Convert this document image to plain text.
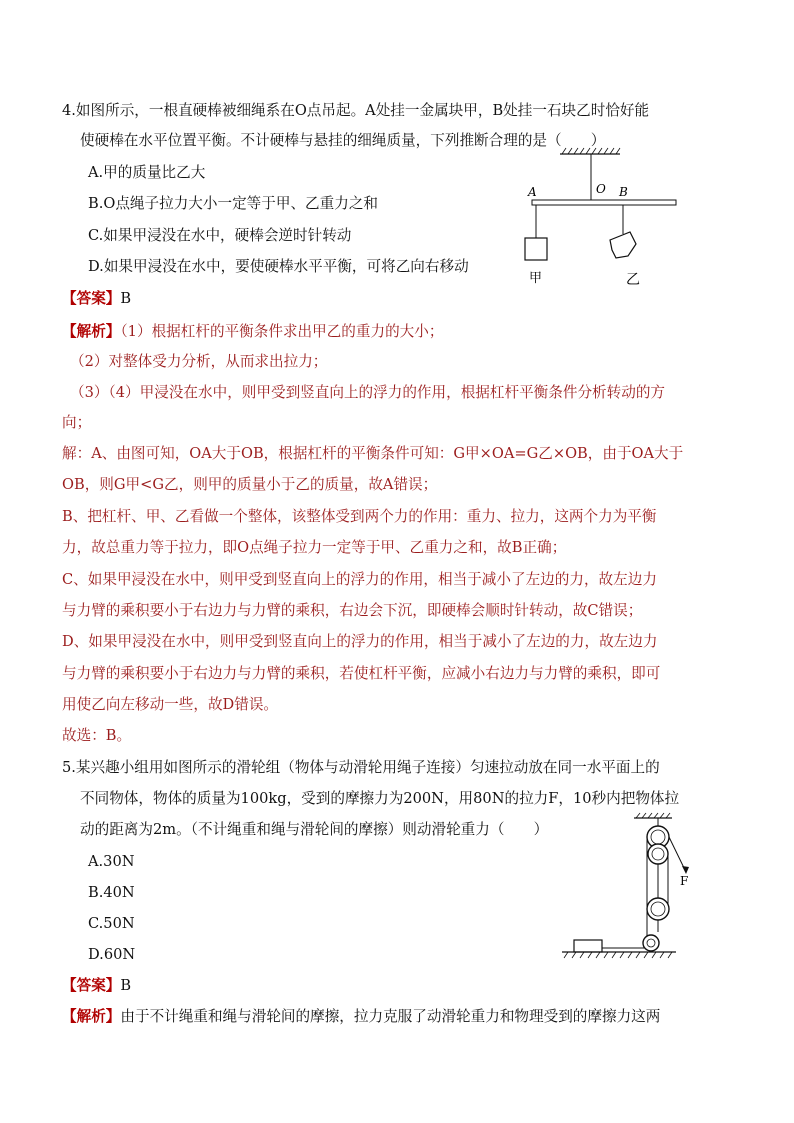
4.如图所示，一根直硬棒被细绳系在O点吊起。A处挂一金属块甲，B处挂一石块乙时恰好能
使硬棒在水平位置平衡。不计硬棒与悬挂的细绳质量，下列推断合理的是（　　）
A.甲的质量比乙大
B.O点绳子拉力大小一定等于甲、乙重力之和
C.如果甲浸没在水中，硬棒会逆时针转动
D.如果甲浸没在水中，要使硬棒水平平衡，可将乙向右移动
A	O B
甲	乙
【答案】B
【解析】（1）根据杠杆的平衡条件求出甲乙的重力的大小；
（2）对整体受力分析，从而求出拉力；
（3）（4）甲浸没在水中，则甲受到竖直向上的浮力的作用，根据杠杆平衡条件分析转动的方
向；
解：A、由图可知，OA大于OB，根据杠杆的平衡条件可知：G甲×OA=G乙×OB，由于OA大于
OB，则G甲<G乙，则甲的质量小于乙的质量，故A错误；
B、把杠杆、甲、乙看做一个整体，该整体受到两个力的作用：重力、拉力，这两个力为平衡
力，故总重力等于拉力，即O点绳子拉力一定等于甲、乙重力之和，故B正确；
C、如果甲浸没在水中，则甲受到竖直向上的浮力的作用，相当于减小了左边的力，故左边力
与力臂的乘积要小于右边力与力臂的乘积，右边会下沉，即硬棒会顺时针转动，故C错误；
D、如果甲浸没在水中，则甲受到竖直向上的浮力的作用，相当于减小了左边的力，故左边力
与力臂的乘积要小于右边力与力臂的乘积，若使杠杆平衡，应减小右边力与力臂的乘积，即可
用使乙向左移动一些，故D错误。
故选：B。
5.某兴趣小组用如图所示的滑轮组（物体与动滑轮用绳子连接）匀速拉动放在同一水平面上的
不同物体，物体的质量为100kg，受到的摩擦力为200N，用80N的拉力F，10秒内把物体拉
动的距离为2m。（不计绳重和绳与滑轮间的摩擦）则动滑轮重力（　　）
A.30N
B.40N
C.50N
D.60N
F
【答案】B
【解析】由于不计绳重和绳与滑轮间的摩擦，拉力克服了动滑轮重力和物理受到的摩擦力这两
